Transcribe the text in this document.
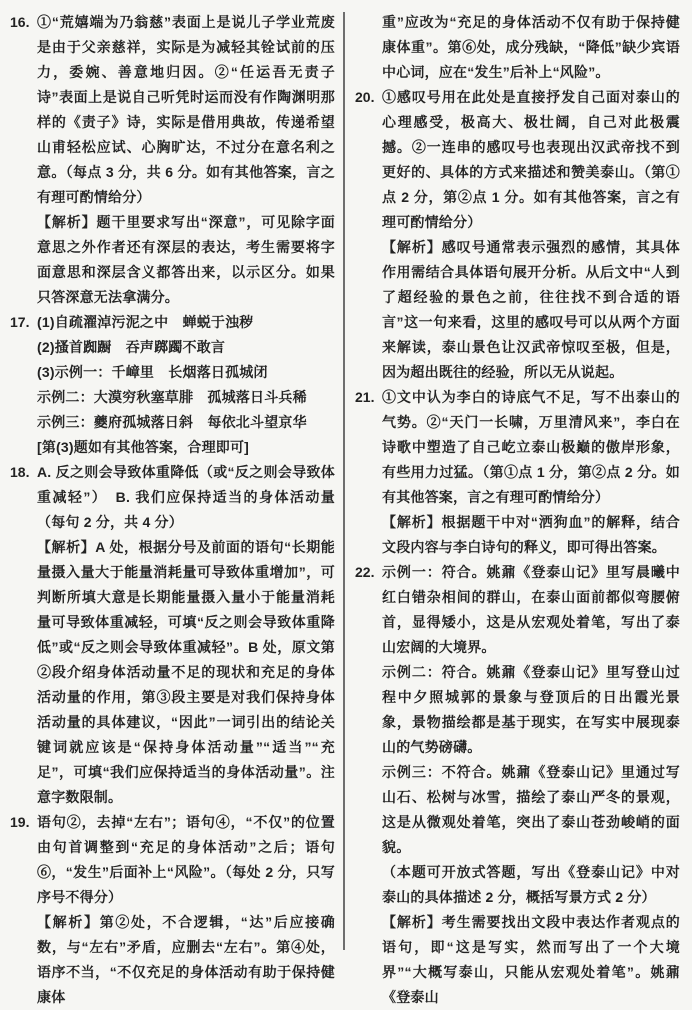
16. ①“荒嬉端为乃翁慈”表面上是说儿子学业荒废是由于父亲慈祥，实际是为减轻其铨试前的压力，委婉、善意地归因。②“任运吾无责子诗”表面上是说自己听凭时运而没有作陶渊明那样的《责子》诗，实际是借用典故，传递希望山甫轻松应试、心胸旷达，不过分在意名利之意。（每点 3 分，共 6 分。如有其他答案，言之有理可酌情给分）

【解析】题干里要求写出“深意”，可见除字面意思之外作者还有深层的表达，考生需要将字面意思和深层含义都答出来，以示区分。如果只答深意无法拿满分。

17. (1)自疏濯淖污泥之中　蝉蜕于浊秽

(2)搔首踟蹰　吞声踯躅不敢言

(3)示例一：千嶂里　长烟落日孤城闭

示例二：大漠穷秋塞草腓　孤城落日斗兵稀

示例三：夔府孤城落日斜　每依北斗望京华

[第(3)题如有其他答案，合理即可]

18. A. 反之则会导致体重降低（或“反之则会导致体重减轻”）　B. 我们应保持适当的身体活动量（每句 2 分，共 4 分）

【解析】A 处，根据分号及前面的语句“长期能量摄入量大于能量消耗量可导致体重增加”，可判断所填大意是长期能量摄入量小于能量消耗量可导致体重减轻，可填“反之则会导致体重降低”或“反之则会导致体重减轻”。B 处，原文第②段介绍身体活动量不足的现状和充足的身体活动量的作用，第③段主要是对我们保持身体活动量的具体建议，“因此”一词引出的结论关键词就应该是“保持身体活动量”“适当”“充足”，可填“我们应保持适当的身体活动量”。注意字数限制。

19. 语句②，去掉“左右”；语句④，“不仅”的位置由句首调整到“充足的身体活动”之后；语句⑥，“发生”后面补上“风险”。（每处 2 分，只写序号不得分）

【解析】第②处，不合逻辑，“达”后应接确数，与“左右”矛盾，应删去“左右”。第④处，语序不当，“不仅充足的身体活动有助于保持健康体

重”应改为“充足的身体活动不仅有助于保持健康体重”。第⑥处，成分残缺，“降低”缺少宾语中心词，应在“发生”后补上“风险”。

20. ①感叹号用在此处是直接抒发自己面对泰山的心理感受，极高大、极壮阔，自己对此极震撼。②一连串的感叹号也表现出汉武帝找不到更好的、具体的方式来描述和赞美泰山。（第①点 2 分，第②点 1 分。如有其他答案，言之有理可酌情给分）

【解析】感叹号通常表示强烈的感情，其具体作用需结合具体语句展开分析。从后文中“人到了超经验的景色之前，往往找不到合适的语言”这一句来看，这里的感叹号可以从两个方面来解读，泰山景色让汉武帝惊叹至极，但是，因为超出既往的经验，所以无从说起。

21. ①文中认为李白的诗底气不足，写不出泰山的气势。②“天门一长啸，万里清风来”，李白在诗歌中塑造了自己屹立泰山极巅的傲岸形象，有些用力过猛。（第①点 1 分，第②点 2 分。如有其他答案，言之有理可酌情给分）

【解析】根据题干中对“洒狗血”的解释，结合文段内容与李白诗句的释义，即可得出答案。

22. 示例一：符合。姚鼐《登泰山记》里写晨曦中红白错杂相间的群山，在泰山面前都似弯腰俯首，显得矮小，这是从宏观处着笔，写出了泰山宏阔的大境界。

示例二：符合。姚鼐《登泰山记》里写登山过程中夕照城郭的景象与登顶后的日出霞光景象，景物描绘都是基于现实，在写实中展现泰山的气势磅礴。

示例三：不符合。姚鼐《登泰山记》里通过写山石、松树与冰雪，描绘了泰山严冬的景观，这是从微观处着笔，突出了泰山苍劲峻峭的面貌。

（本题可开放式答题，写出《登泰山记》中对泰山的具体描述 2 分，概括写景方式 2 分）

【解析】考生需要找出文段中表达作者观点的语句，即“这是写实，然而写出了一个大境界”“大概写泰山，只能从宏观处着笔”。姚鼐《登泰山
